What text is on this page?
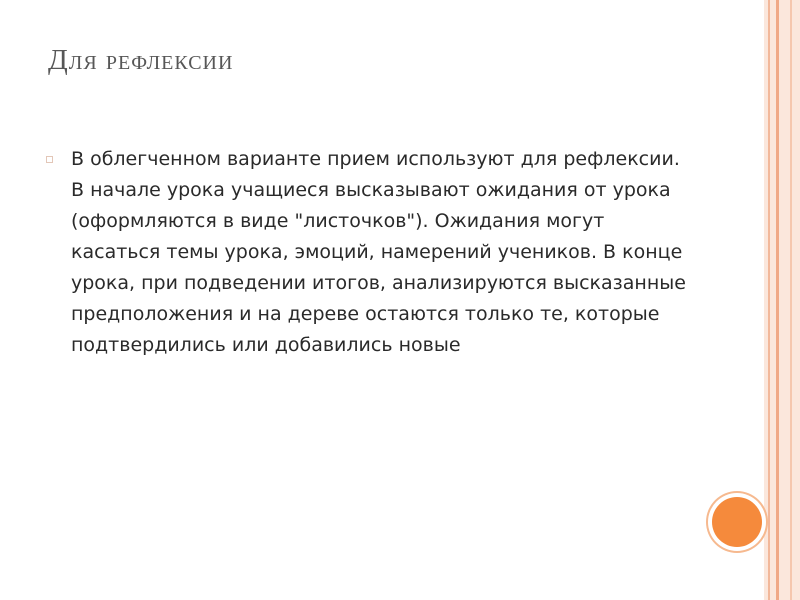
Для рефлексии

В облегченном варианте прием используют для рефлексии. В начале урока учащиеся высказывают ожидания от урока (оформляются в виде "листочков"). Ожидания могут касаться темы урока, эмоций, намерений учеников. В конце урока, при подведении итогов, анализируются высказанные предположения и на дереве остаются только те, которые подтвердились или добавились новые
